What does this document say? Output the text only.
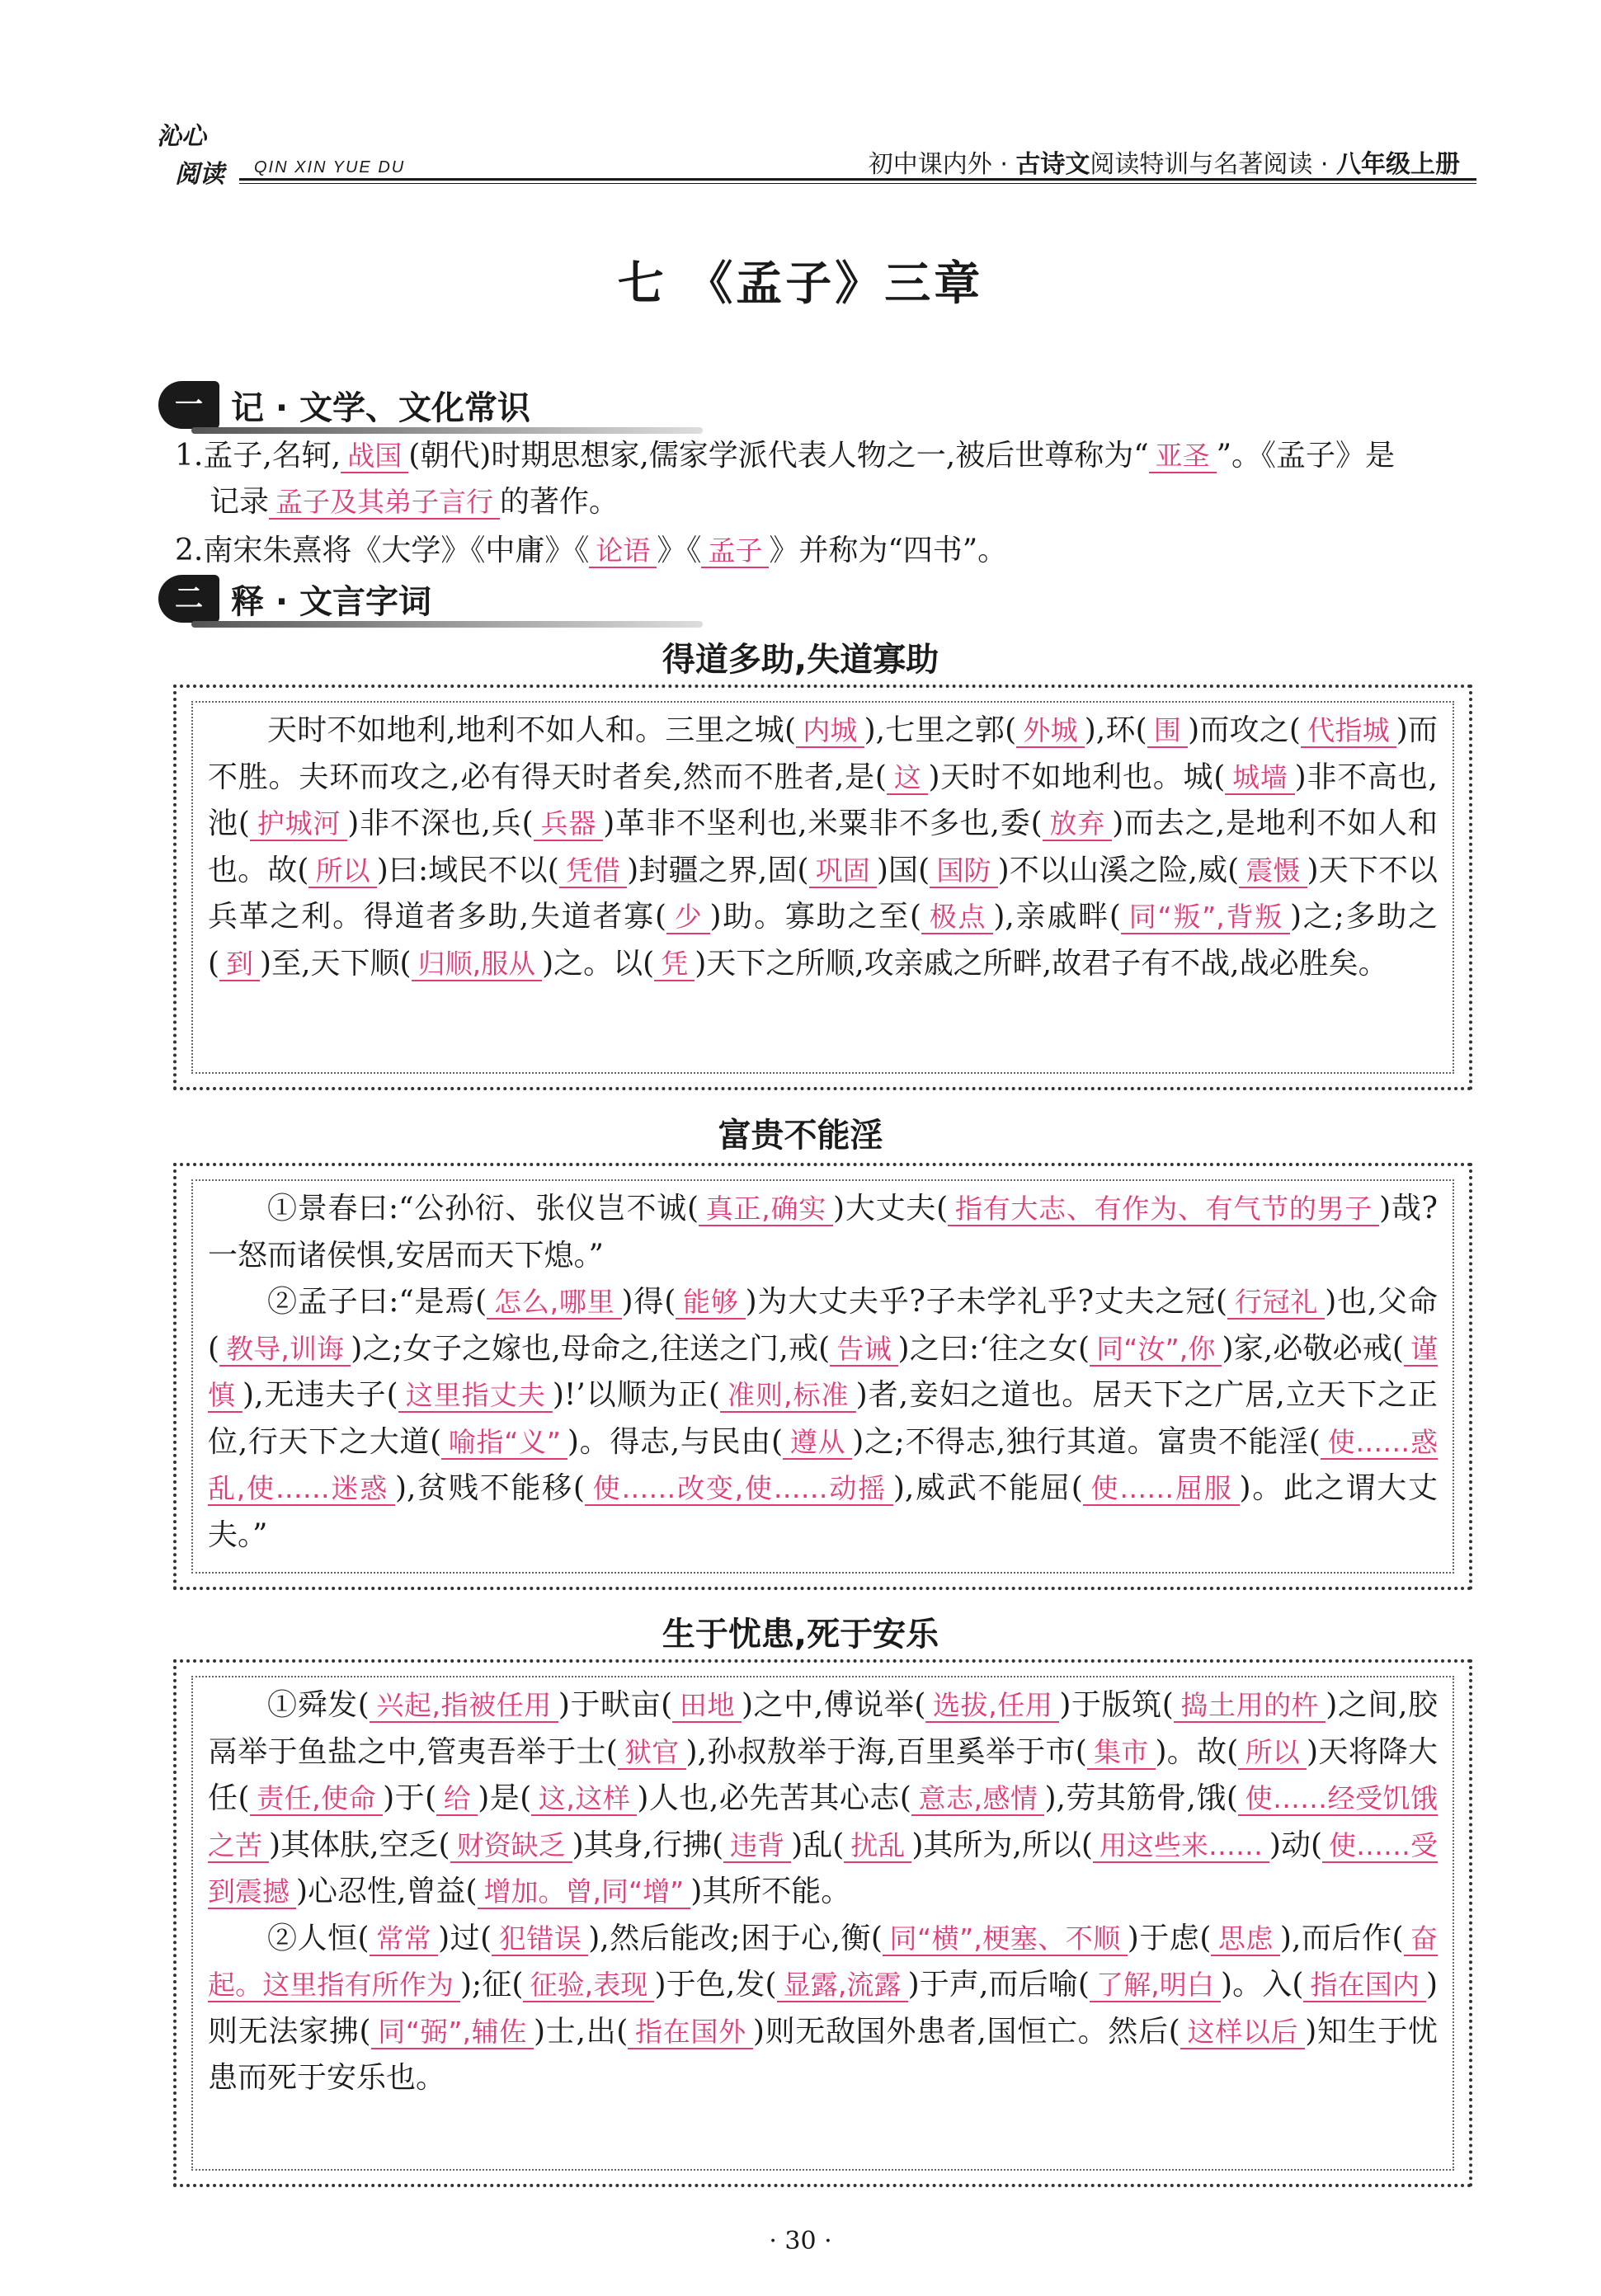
沁心
阅读 QIN XIN YUE DU	初中课内外 · 古诗文阅读特训与名著阅读 · 八年级上册
七 《孟子》三章
一 记 · 文学、文化常识
1.孟子,名轲, 战国 (朝代)时期思想家,儒家学派代表人物之一,被后世尊称为“ 亚圣 ”。《孟子》是
记录 孟子及其弟子言行 的著作。
2.南宋朱熹将《大学》《中庸》《 论语 》《 孟子 》并称为“四书”。
二 释 · 文言字词
得道多助,失道寡助

天时不如地利,地利不如人和。三里之城( 内城 ),七里之郭( 外城 ),环( 围 )而攻之( 代指城 )而不胜。夫环而攻之,必有得天时者矣,然而不胜者,是( 这 )天时不如地利也。城( 城墙 )非不高也,池( 护城河 )非不深也,兵( 兵器 )革非不坚利也,米粟非不多也,委( 放弃 )而去之,是地利不如人和也。故( 所以 )曰:域民不以( 凭借 )封疆之界,固( 巩固 )国( 国防 )不以山溪之险,威( 震慑 )天下不以兵革之利。得道者多助,失道者寡( 少 )助。寡助之至( 极点 ),亲戚畔( 同“叛”,背叛 )之;多助之( 到 )至,天下顺( 归顺,服从 )之。以( 凭 )天下之所顺,攻亲戚之所畔,故君子有不战,战必胜矣。

富贵不能淫

①景春曰:“公孙衍、张仪岂不诚( 真正,确实 )大丈夫( 指有大志、有作为、有气节的男子 )哉?一怒而诸侯惧,安居而天下熄。”

②孟子曰:“是焉( 怎么,哪里 )得( 能够 )为大丈夫乎?子未学礼乎?丈夫之冠( 行冠礼 )也,父命( 教导,训诲 )之;女子之嫁也,母命之,往送之门,戒( 告诫 )之曰:‘往之女( 同“汝”,你 )家,必敬必戒( 谨慎 ),无违夫子( 这里指丈夫 )!’以顺为正( 准则,标准 )者,妾妇之道也。居天下之广居,立天下之正位,行天下之大道( 喻指“义” )。得志,与民由( 遵从 )之;不得志,独行其道。富贵不能淫( 使……惑乱,使……迷惑 ),贫贱不能移( 使……改变,使……动摇 ),威武不能屈( 使……屈服 )。此之谓大丈夫。”

生于忧患,死于安乐

①舜发( 兴起,指被任用 )于畎亩( 田地 )之中,傅说举( 选拔,任用 )于版筑( 捣土用的杵 )之间,胶鬲举于鱼盐之中,管夷吾举于士( 狱官 ),孙叔敖举于海,百里奚举于市( 集市 )。故( 所以 )天将降大任( 责任,使命 )于( 给 )是( 这,这样 )人也,必先苦其心志( 意志,感情 ),劳其筋骨,饿( 使……经受饥饿之苦 )其体肤,空乏( 财资缺乏 )其身,行拂( 违背 )乱( 扰乱 )其所为,所以( 用这些来…… )动( 使……受到震撼 )心忍性,曾益( 增加。曾,同“增” )其所不能。

②人恒( 常常 )过( 犯错误 ),然后能改;困于心,衡( 同“横”,梗塞、不顺 )于虑( 思虑 ),而后作( 奋起。这里指有所作为 );征( 征验,表现 )于色,发( 显露,流露 )于声,而后喻( 了解,明白 )。入( 指在国内 )则无法家拂( 同“弼”,辅佐 )士,出( 指在国外 )则无敌国外患者,国恒亡。然后( 这样以后 )知生于忧患而死于安乐也。

· 30 ·
